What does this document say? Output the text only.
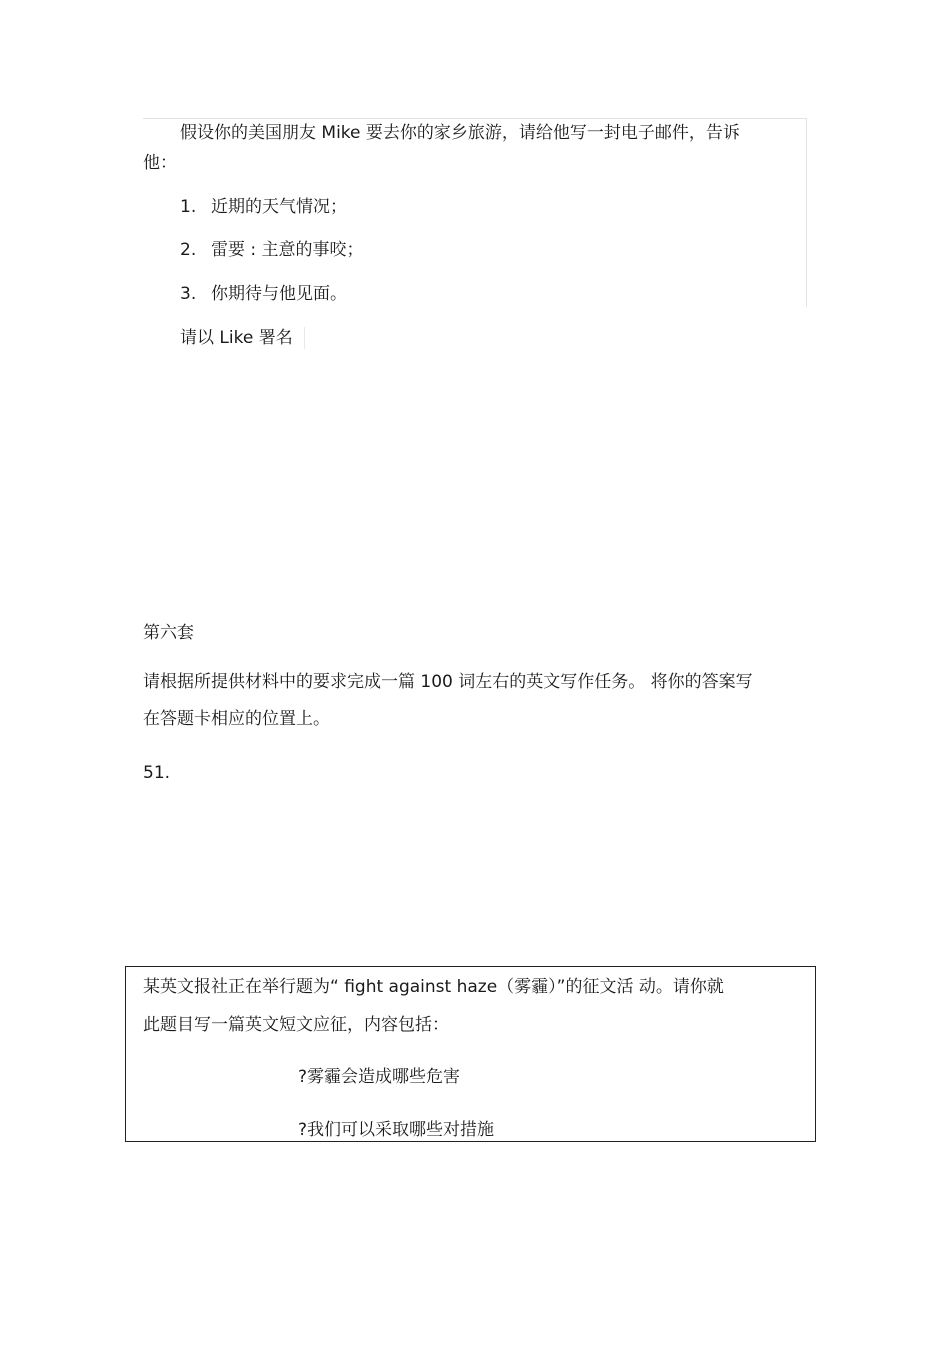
假设你的美国朋友 Mike 要去你的家乡旅游，请给他写一封电子邮件，告诉
他：
1. 近期的天气情况；
2. 雷要 : 主意的事咬；
3. 你期待与他见面。
请以 Like 署名
第六套
请根据所提供材料中的要求完成一篇 100 词左右的英文写作任务。 将你的答案写
在答题卡相应的位置上。
51.
某英文报社正在举行题为“ fight against haze（雾霾）”的征文活 动。请你就
此题目写一篇英文短文应征，内容包括：
?雾霾会造成哪些危害
?我们可以采取哪些对措施
